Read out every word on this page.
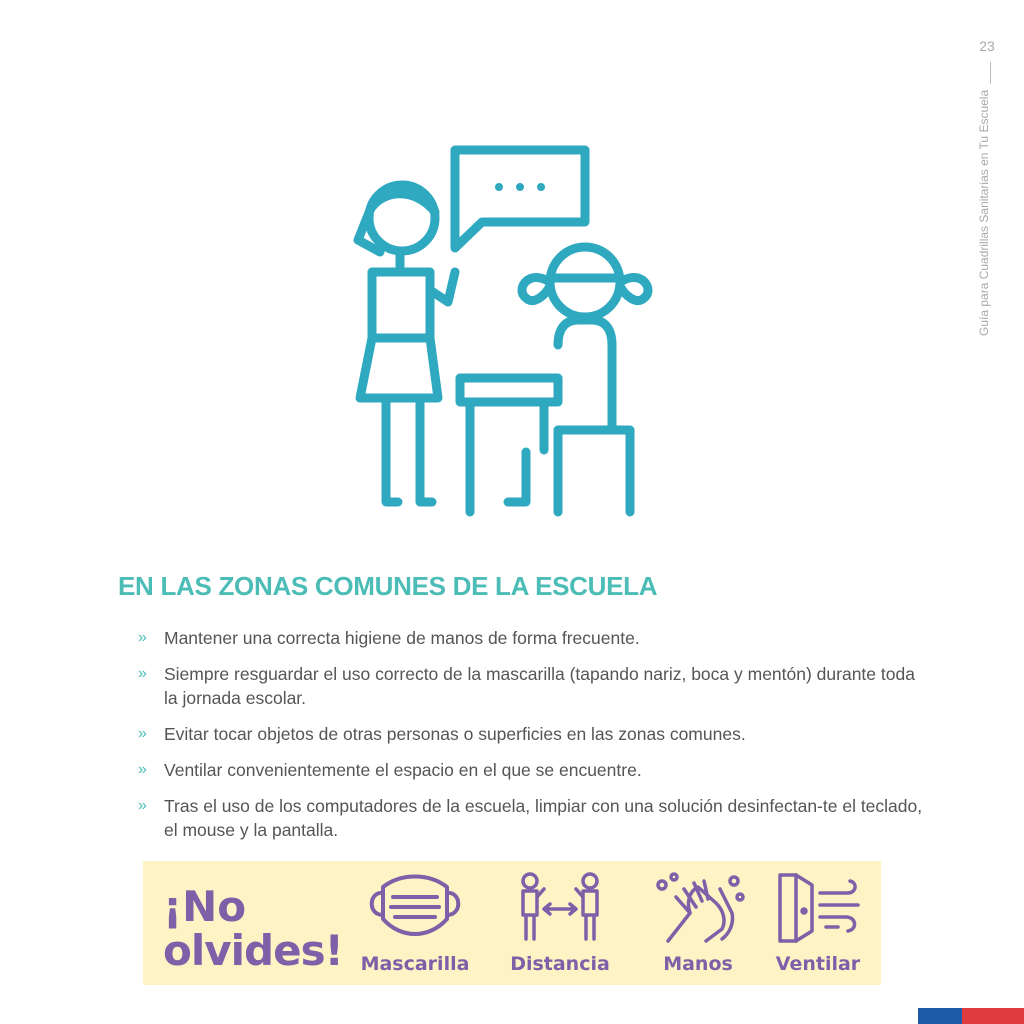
23
Guía para Cuadrillas Sanitarias en Tu Escuela
EN LAS ZONAS COMUNES DE LA ESCUELA
» Mantener una correcta higiene de manos de forma frecuente.
» Siempre resguardar el uso correcto de la mascarilla (tapando nariz, boca y mentón) durante toda la jornada escolar.
» Evitar tocar objetos de otras personas o superficies en las zonas comunes.
» Ventilar convenientemente el espacio en el que se encuentre.
» Tras el uso de los computadores de la escuela, limpiar con una solución desinfectan-te el teclado, el mouse y la pantalla.
¡No
olvides! Mascarilla	Distancia	Manos	Ventilar
